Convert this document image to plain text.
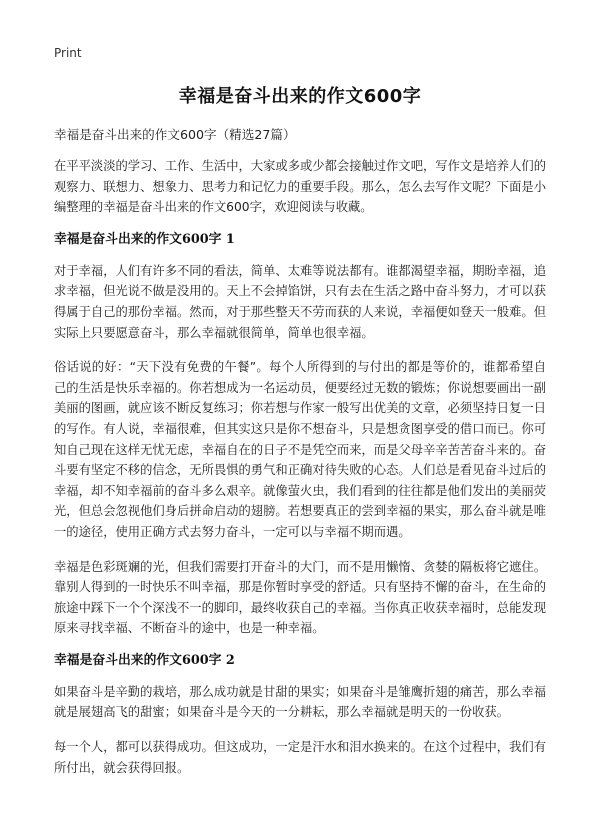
Print
幸福是奋斗出来的作文600字
幸福是奋斗出来的作文600字（精选27篇）

在平平淡淡的学习、工作、生活中，大家或多或少都会接触过作文吧，写作文是培养人们的观察力、联想力、想象力、思考力和记忆力的重要手段。那么，怎么去写作文呢？下面是小编整理的幸福是奋斗出来的作文600字，欢迎阅读与收藏。

幸福是奋斗出来的作文600字 1

对于幸福，人们有许多不同的看法，简单、太难等说法都有。谁都渴望幸福，期盼幸福，追求幸福，但光说不做是没用的。天上不会掉馅饼，只有去在生活之路中奋斗努力，才可以获得属于自己的那份幸福。然而，对于那些整天不劳而获的人来说，幸福便如登天一般难。但实际上只要愿意奋斗，那么幸福就很简单，简单也很幸福。

俗话说的好：“天下没有免费的午餐”。每个人所得到的与付出的都是等价的，谁都希望自己的生活是快乐幸福的。你若想成为一名运动员，便要经过无数的锻炼；你说想要画出一副美丽的图画，就应该不断反复练习；你若想与作家一般写出优美的文章，必须坚持日复一日的写作。有人说，幸福很难，但其实这只是你不想奋斗，只是想贪图享受的借口而已。你可知自己现在这样无忧无虑，幸福自在的日子不是凭空而来，而是父母辛辛苦苦奋斗来的。奋斗要有坚定不移的信念，无所畏惧的勇气和正确对待失败的心态。人们总是看见奋斗过后的幸福，却不知幸福前的奋斗多么艰辛。就像萤火虫，我们看到的往往都是他们发出的美丽荧光，但总会忽视他们身后拼命启动的翅膀。若想要真正的尝到幸福的果实，那么奋斗就是唯一的途径，使用正确方式去努力奋斗，一定可以与幸福不期而遇。

幸福是色彩斑斓的光，但我们需要打开奋斗的大门，而不是用懒惰、贪婪的隔板将它遮住。靠别人得到的一时快乐不叫幸福，那是你暂时享受的舒适。只有坚持不懈的奋斗，在生命的旅途中踩下一个个深浅不一的脚印，最终收获自己的幸福。当你真正收获幸福时，总能发现原来寻找幸福、不断奋斗的途中，也是一种幸福。

幸福是奋斗出来的作文600字 2

如果奋斗是辛勤的栽培，那么成功就是甘甜的果实；如果奋斗是雏鹰折翅的痛苦，那么幸福就是展翅高飞的甜蜜；如果奋斗是今天的一分耕耘，那么幸福就是明天的一份收获。

每一个人，都可以获得成功。但这成功，一定是汗水和泪水换来的。在这个过程中，我们有所付出，就会获得回报。
